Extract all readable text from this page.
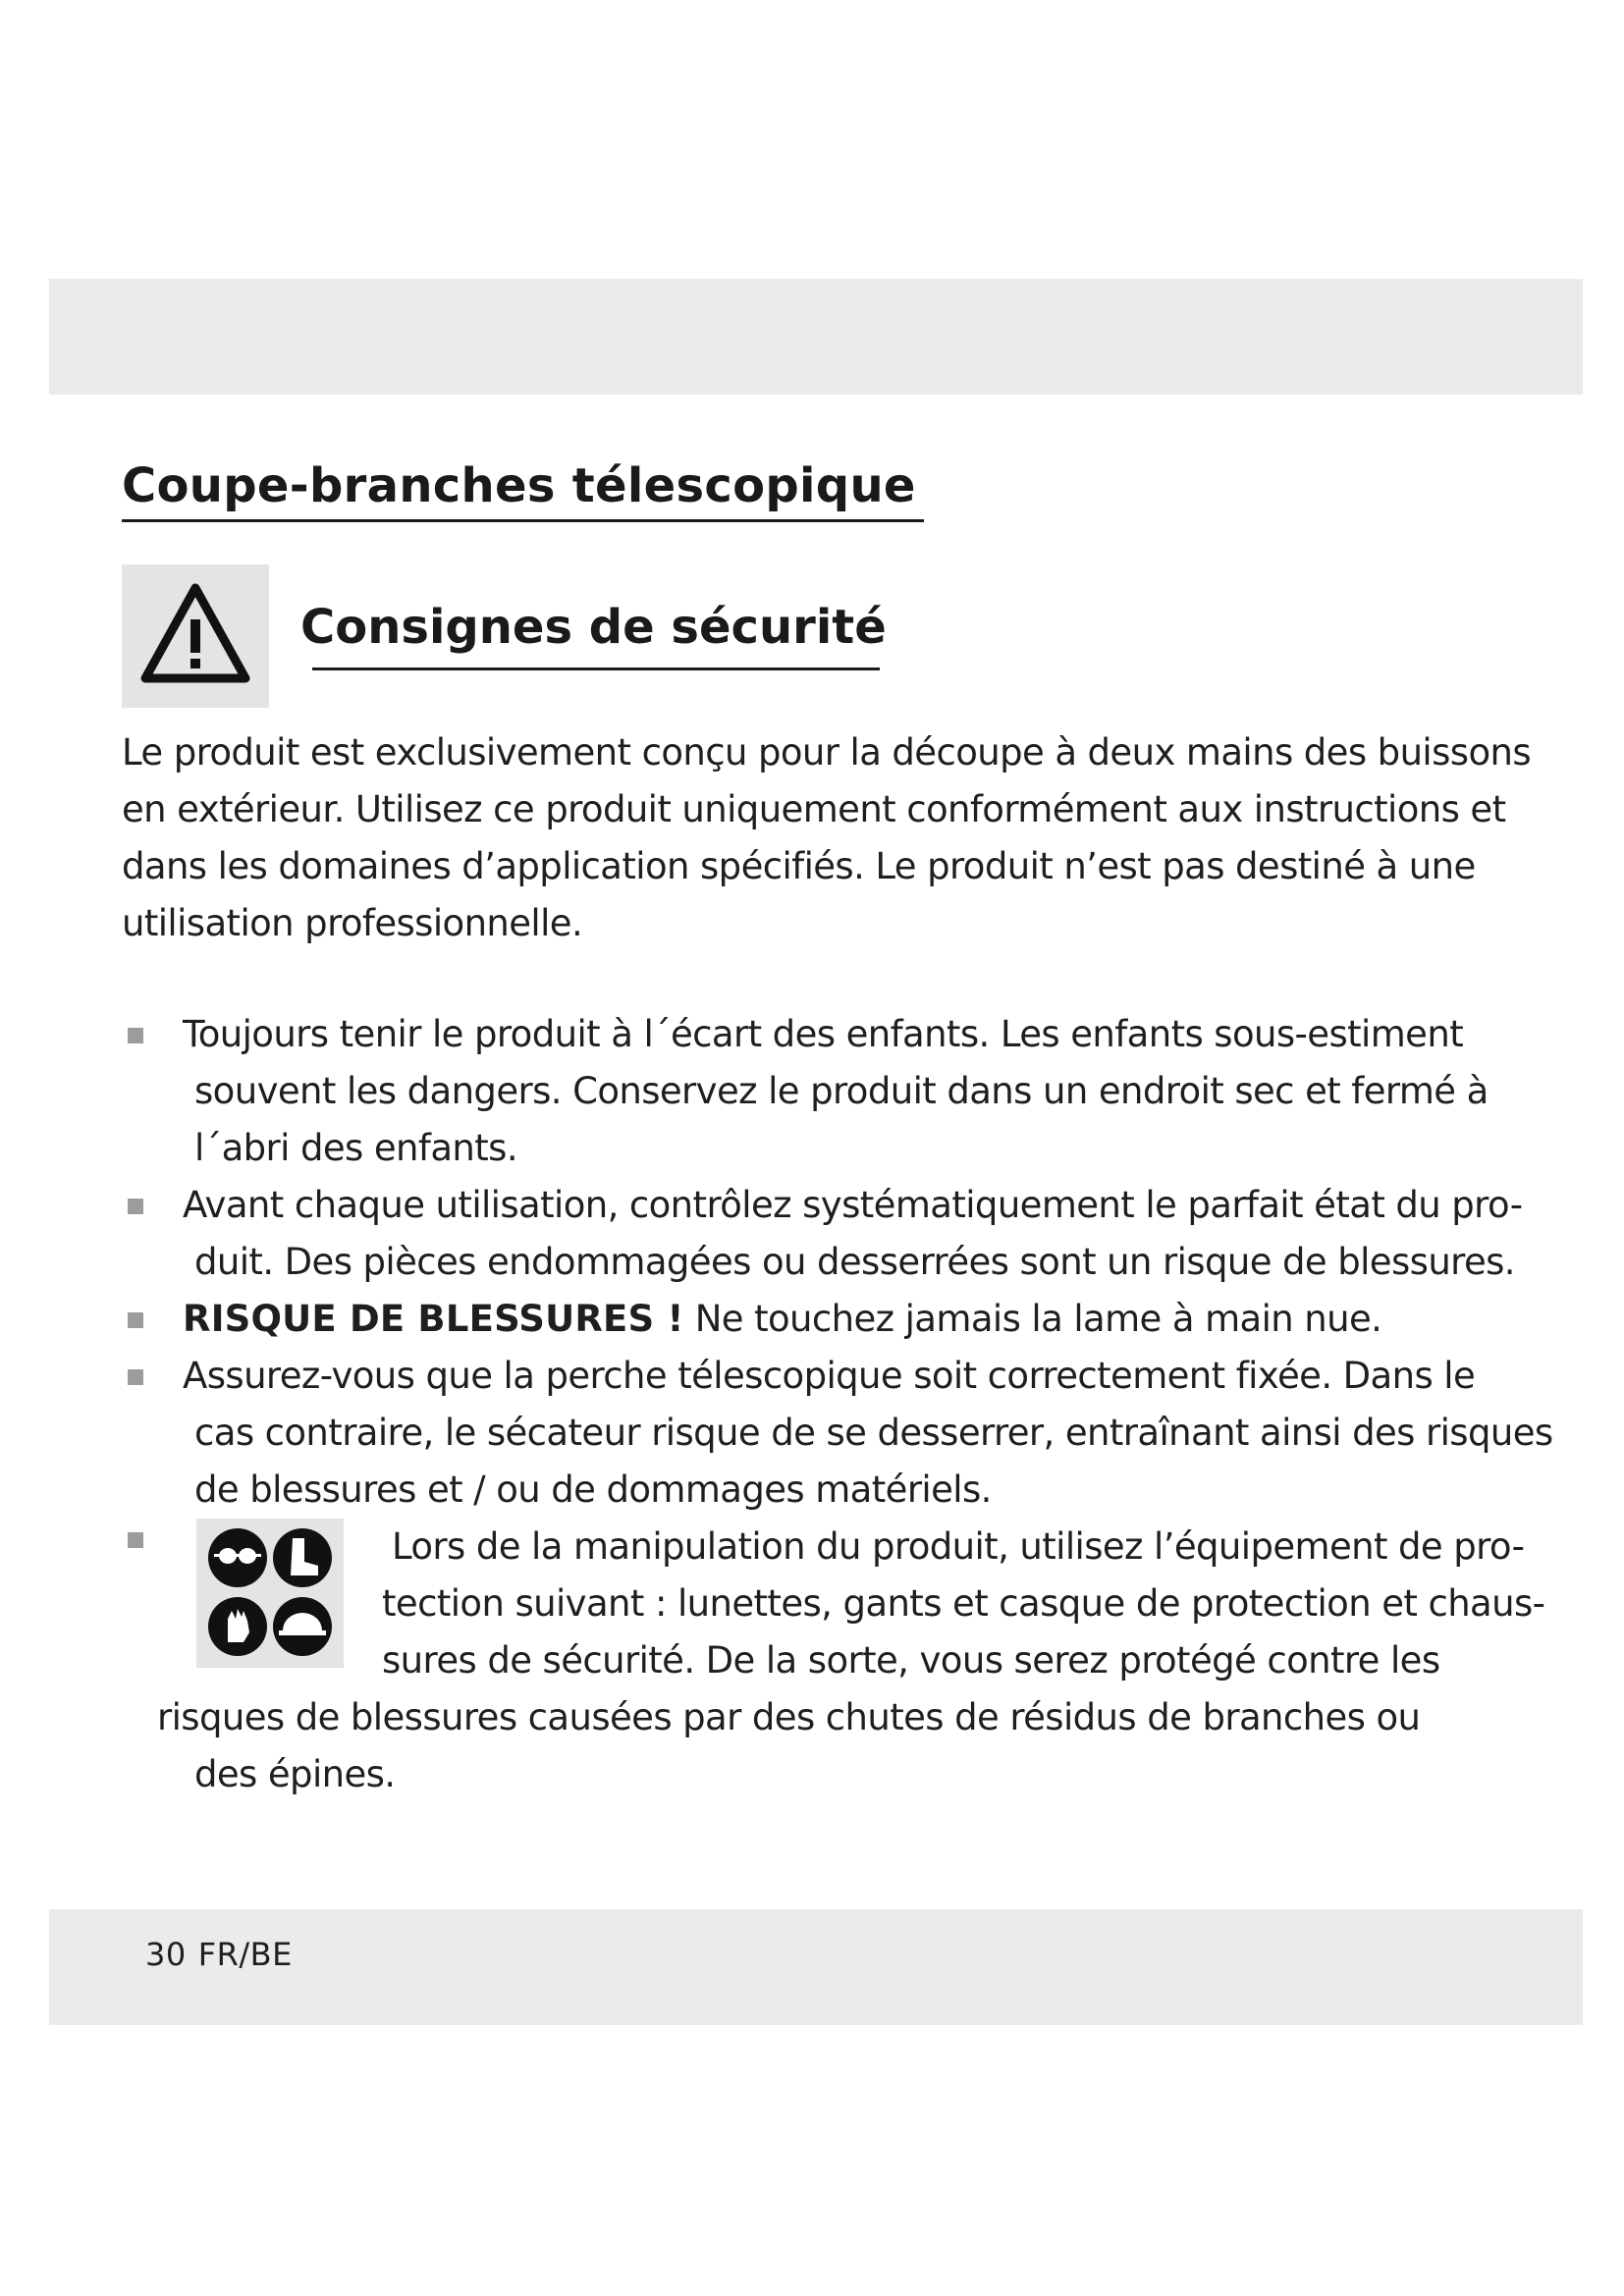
Coupe-branches télescopique
Consignes de sécurité
Le produit est exclusivement conçu pour la découpe à deux mains des buissons
en extérieur. Utilisez ce produit uniquement conformément aux instructions et
dans les domaines d’application spécifiés. Le produit n’est pas destiné à une
utilisation professionnelle.
Toujours tenir le produit à l´écart des enfants. Les enfants sous-estiment
souvent les dangers. Conservez le produit dans un endroit sec et fermé à
l´abri des enfants.
Avant chaque utilisation, contrôlez systématiquement le parfait état du pro-
duit. Des pièces endommagées ou desserrées sont un risque de blessures.
RISQUE DE BLESSURES ! Ne touchez jamais la lame à main nue.
Assurez-vous que la perche télescopique soit correctement fixée. Dans le
cas contraire, le sécateur risque de se desserrer, entraînant ainsi des risques
de blessures et / ou de dommages matériels.
Lors de la manipulation du produit, utilisez l’équipement de pro-
tection suivant : lunettes, gants et casque de protection et chaus-
sures de sécurité. De la sorte, vous serez protégé contre les
risques de blessures causées par des chutes de résidus de branches ou
des épines.
30 FR/BE
